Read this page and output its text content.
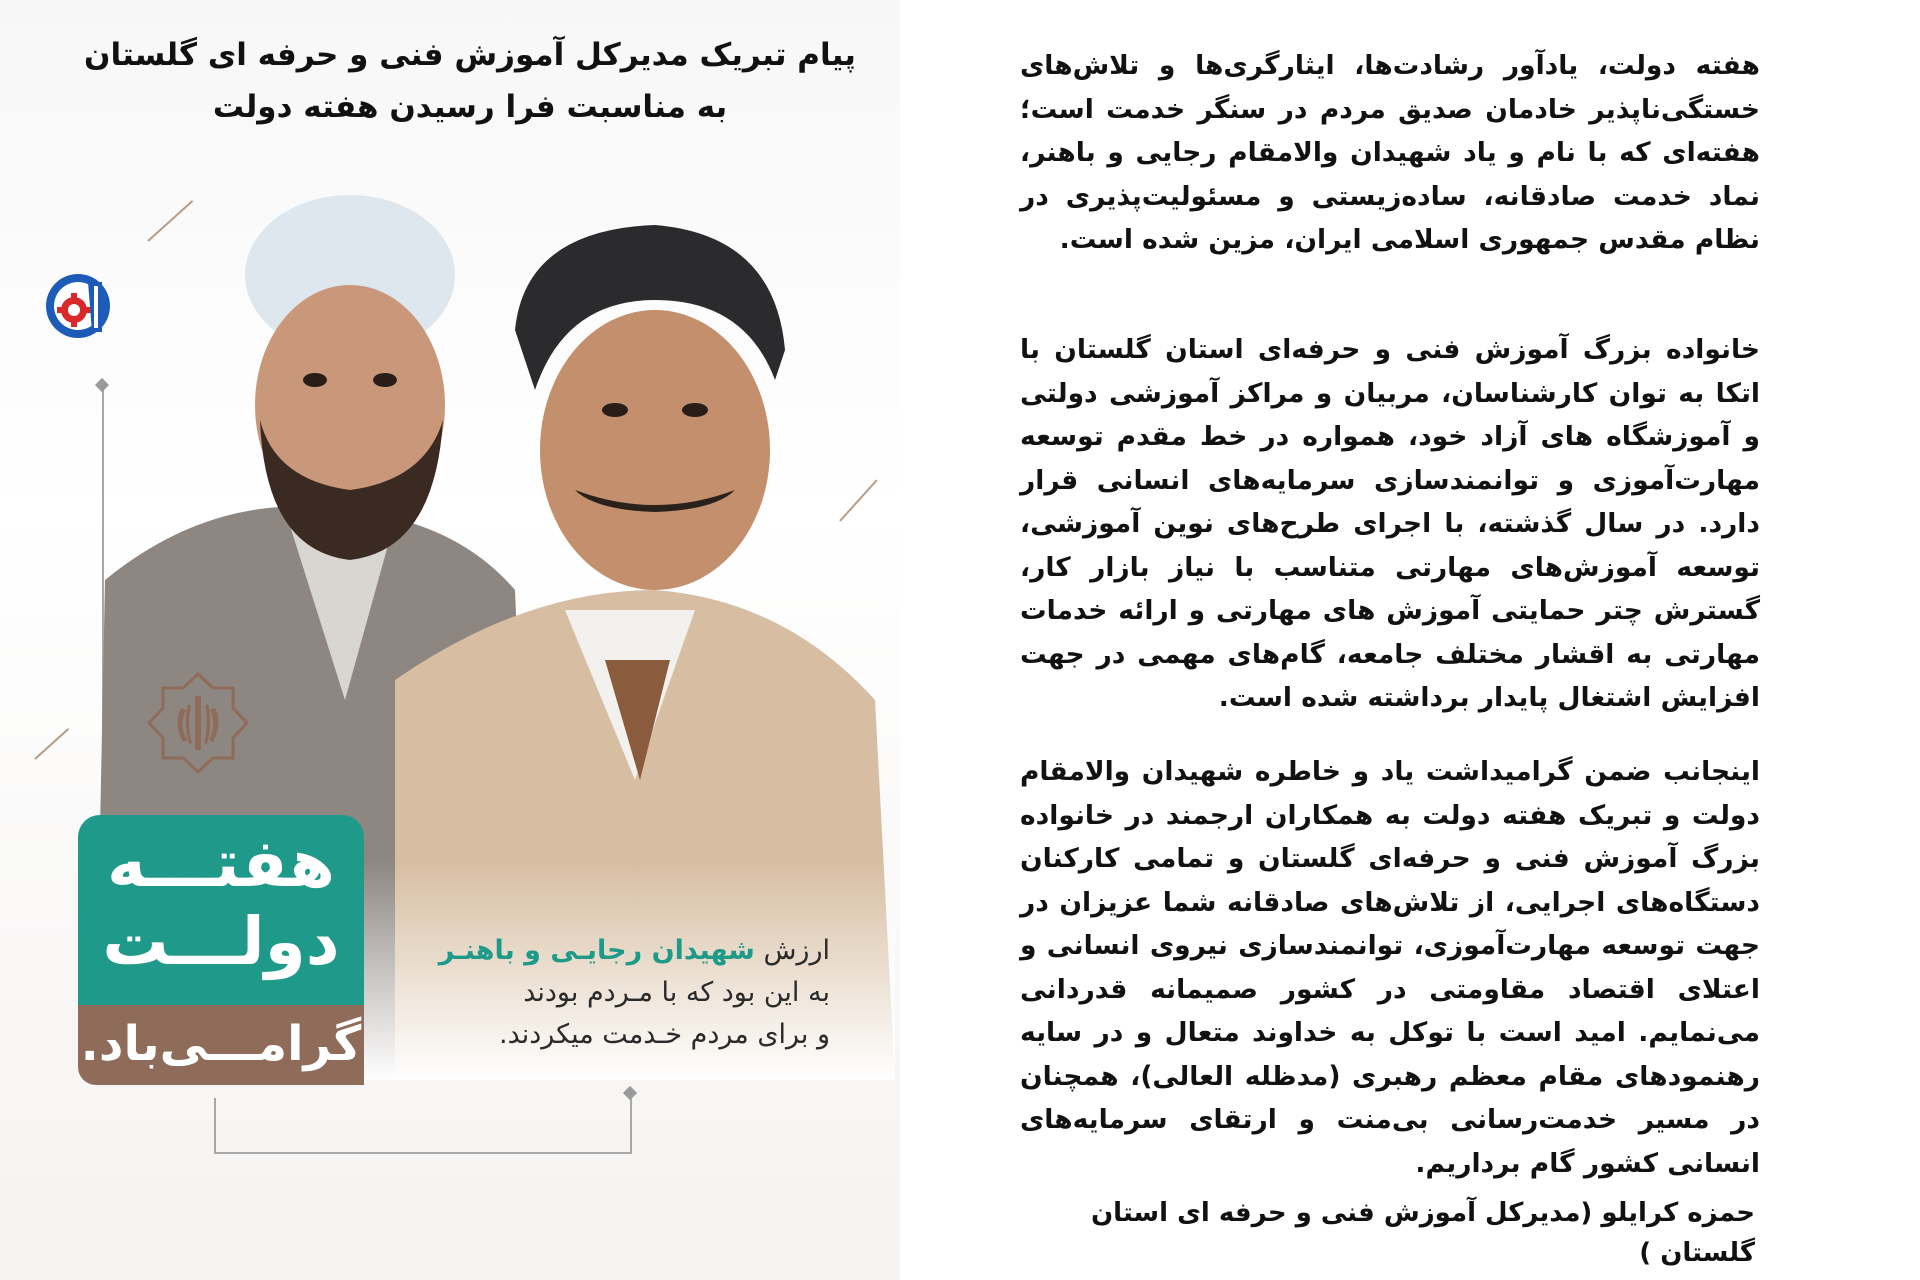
پیام تبریک مدیرکل آموزش فنی و حرفه ای گلستان
به مناسبت فرا رسیدن هفته دولت
هفتـــه
دولـــت
گرامـــی‌باد.
ارزش شهیدان رجایـی و باهنـر
به این بود که با مـردم بودند
و برای مردم خـدمت میکردند.
هفته دولت، یادآور رشادت‌ها، ایثارگری‌ها و تلاش‌های خستگی‌ناپذیر خادمان صدیق مردم در سنگر خدمت است؛ هفته‌ای که با نام و یاد شهیدان والامقام رجایی و باهنر، نماد خدمت صادقانه، ساده‌زیستی و مسئولیت‌پذیری در نظام مقدس جمهوری اسلامی ایران، مزین شده است.
خانواده بزرگ آموزش فنی و حرفه‌ای استان گلستان با اتکا به توان کارشناسان، مربیان و مراکز آموزشی دولتی و آموزشگاه های آزاد خود، همواره در خط مقدم توسعه مهارت‌آموزی و توانمندسازی سرمایه‌های انسانی قرار دارد. در سال گذشته، با اجرای طرح‌های نوین آموزشی، توسعه آموزش‌های مهارتی متناسب با نیاز بازار کار، گسترش چتر حمایتی آموزش های مهارتی و ارائه خدمات مهارتی به اقشار مختلف جامعه، گام‌های مهمی در جهت افزایش اشتغال پایدار برداشته شده است.
اینجانب ضمن گرامیداشت یاد و خاطره شهیدان والامقام دولت و تبریک هفته دولت به همکاران ارجمند در خانواده بزرگ آموزش فنی و حرفه‌ای گلستان و تمامی کارکنان دستگاه‌های اجرایی، از تلاش‌های صادقانه شما عزیزان در جهت توسعه مهارت‌آموزی، توانمندسازی نیروی انسانی و اعتلای اقتصاد مقاومتی در کشور صمیمانه قدردانی می‌نمایم. امید است با توکل به خداوند متعال و در سایه رهنمودهای مقام معظم رهبری (مدظله العالی)، همچنان در مسیر خدمت‌رسانی بی‌منت و ارتقای سرمایه‌های انسانی کشور گام برداریم.
حمزه کرایلو (مدیرکل آموزش فنی و حرفه ای استان گلستان )
